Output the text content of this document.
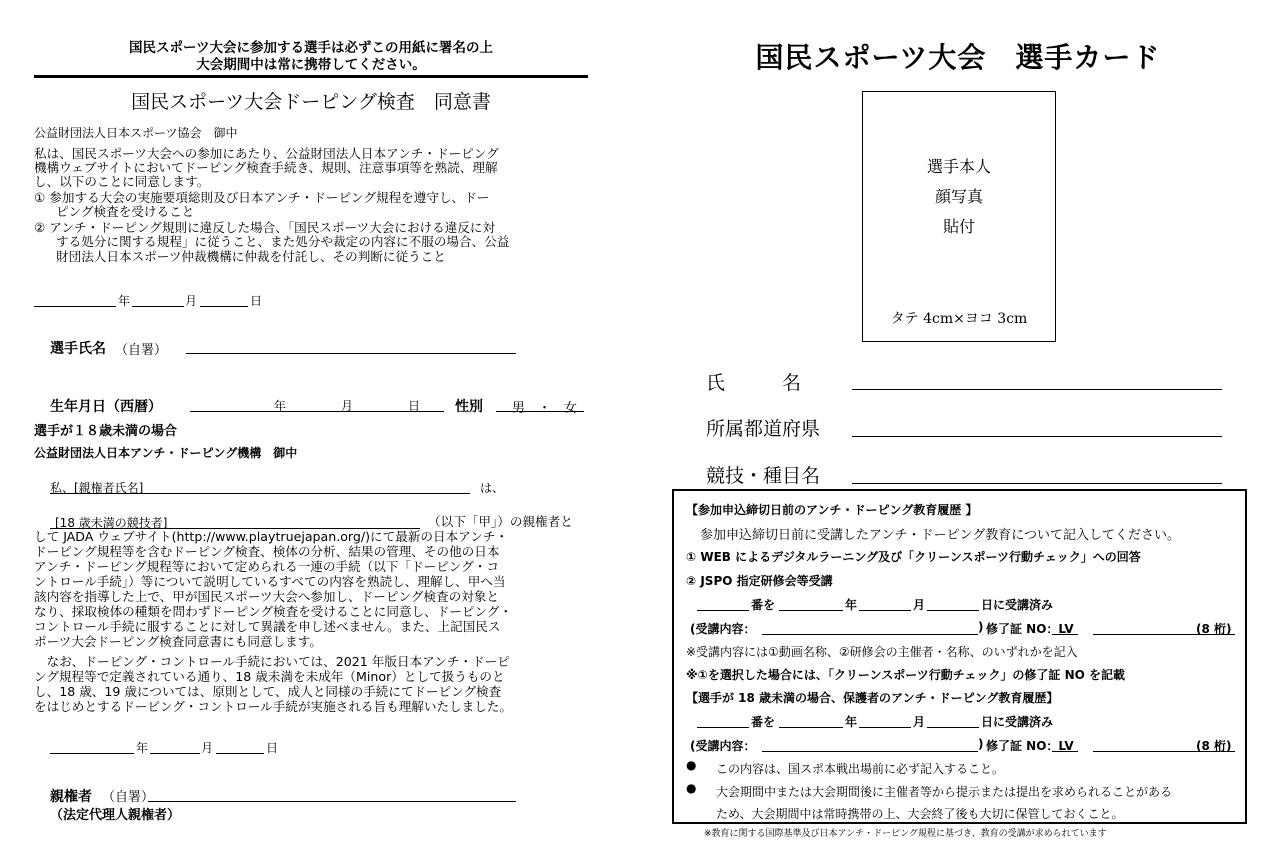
国民スポーツ大会に参加する選手は必ずこの用紙に署名の上
大会期間中は常に携帯してください。
国民スポーツ大会ドーピング検査　同意書
公益財団法人日本スポーツ協会　御中
私は、国民スポーツ大会への参加にあたり、公益財団法人日本アンチ・ドーピング
機構ウェブサイトにおいてドーピング検査手続き、規則、注意事項等を熟読、理解
し、以下のことに同意します。
① 参加する大会の実施要項総則及び日本アンチ・ドーピング規程を遵守し、ドー
ピング検査を受けること
② アンチ・ドーピング規則に違反した場合、「国民スポーツ大会における違反に対
する処分に関する規程」に従うこと、また処分や裁定の内容に不服の場合、公益
財団法人日本スポーツ仲裁機構に仲裁を付託し、その判断に従うこと
年	月	日
選手氏名 （自署）
生年月日（西暦）	年	月	日 性別 男　・　女
選手が１８歳未満の場合
公益財団法人日本アンチ・ドーピング機構　御中
私、[親権者氏名]	は、
[18 歳未満の競技者]	（以下「甲」）の親権者と
して JADA ウェブサイト(http://www.playtruejapan.org/)にて最新の日本アンチ・
ドーピング規程等を含むドーピング検査、検体の分析、結果の管理、その他の日本
アンチ・ドーピング規程等において定められる一連の手続（以下「ドーピング・コ
ントロール手続」）等について説明しているすべての内容を熟読し、理解し、甲へ当
該内容を指導した上で、甲が国民スポーツ大会へ参加し、ドーピング検査の対象と
なり、採取検体の種類を問わずドーピング検査を受けることに同意し、ドーピング・
コントロール手続に服することに対して異議を申し述べません。また、上記国民ス
ポーツ大会ドーピング検査同意書にも同意します。
　なお、ドーピング・コントロール手続においては、2021 年版日本アンチ・ドーピ
ング規程等で定義されている通り、18 歳未満を未成年（Minor）として扱うものと
し、18 歳、19 歳については、原則として、成人と同様の手続にてドーピング検査
をはじめとするドーピング・コントロール手続が実施される旨も理解いたしました。
年	月	日
親権者 （自署）
（法定代理人親権者）
国民スポーツ大会　選手カード
選手本人
顔写真
貼付
タテ 4cm×ヨコ 3cm
氏　　　名
所属都道府県
競技・種目名
【参加申込締切日前のアンチ・ドーピング教育履歴 】
参加申込締切日前に受講したアンチ・ドーピング教育について記入してください。
① WEB によるデジタルラーニング及び「クリーンスポーツ行動チェック」への回答
② JSPO 指定研修会等受講
番を	年	月	日に受講済み
(受講内容：	) 修了証 NO：LV	(8 桁)
※受講内容には①動画名称、②研修会の主催者・名称、のいずれかを記入
※①を選択した場合には、「クリーンスポーツ行動チェック」の修了証 NO を記載
【選手が 18 歳未満の場合、保護者のアンチ・ドーピング教育履歴】
番を	年	月	日に受講済み
(受講内容：	) 修了証 NO：LV	(8 桁)
● この内容は、国スポ本戦出場前に必ず記入すること。
● 大会期間中または大会期間後に主催者等から提示または提出を求められることがある
ため、大会期間中は常時携帯の上、大会終了後も大切に保管しておくこと。
※教育に関する国際基準及び日本アンチ・ドーピング規程に基づき、教育の受講が求められています
